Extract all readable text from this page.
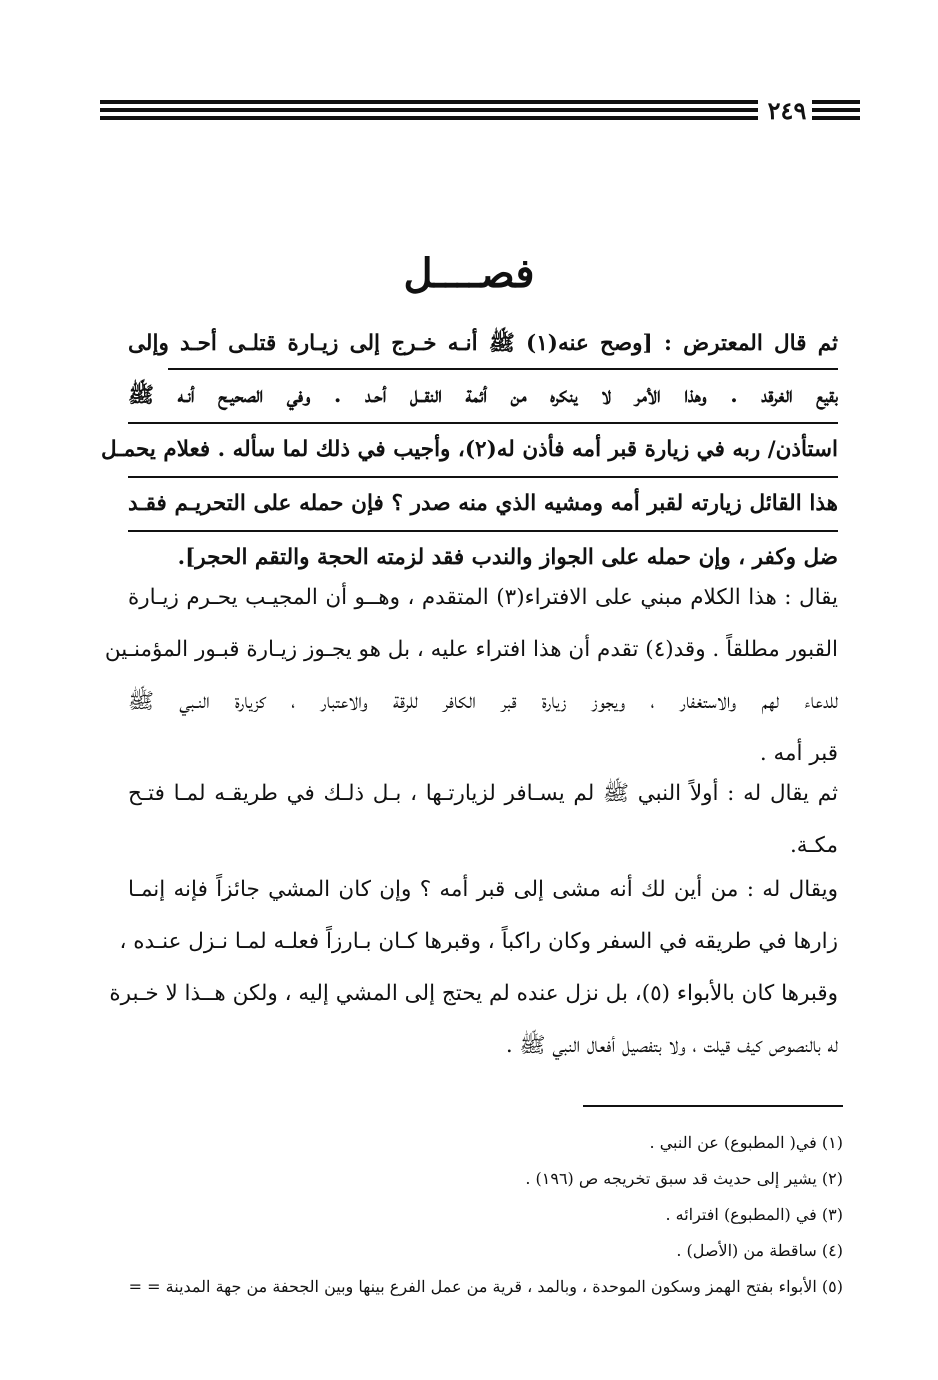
٢٤٩
فصــــل
ثم قال المعترض : [وصح عنه(١) ﷺ أنـه خـرج إلى زيـارة قتلـى أحـد وإلى
بقيع الغرقد . وهذا الأمر لا ينكره من أئمة النقــل أحـد . وفي الصحيـح أنـه ﷺ
استأذن/ ربه في زيارة قبر أمه فأذن له(٢)، وأجيب في ذلك لما سأله . فعلام يحمـل
هذا القائل زيارته لقبر أمه ومشيه الذي منه صدر ؟ فإن حمله على التحريـم فقـد
ضل وكفر ، وإن حمله على الجواز والندب فقد لزمته الحجة والتقم الحجر].
يقال : هذا الكلام مبني على الافتراء(٣) المتقدم ، وهــو أن المجيـب يحـرم زيـارة
القبور مطلقاً . وقد(٤) تقدم أن هذا افتراء عليه ، بل هو يجـوز زيـارة قبـور المؤمنـين
للدعاء لهم والاستغفار ، ويجوز زيارة قبر الكافر للرقة والاعتبار ، كزيارة النـبي ﷺ
قبر أمه .
ثم يقال له : أولاً النبي ﷺ لم يسـافر لزيارتـها ، بـل ذلـك في طريقـه لمـا فتـح
مكـة.
ويقال له : من أين لك أنه مشى إلى قبر أمه ؟ وإن كان المشي جائزاً فإنه إنمـا
زارها في طريقه في السفر وكان راكباً ، وقبرها كـان بـارزاً فعلـه لمـا نـزل عنـده ،
وقبرها كان بالأبواء (٥)، بل نزل عنده لم يحتج إلى المشي إليه ، ولكن هــذا لا خـبرة
له بالنصوص كيف قيلت ، ولا بتفصيل أفعال النبي ﷺ .
(١) في( المطبوع) عن النبي .
(٢) يشير إلى حديث قد سبق تخريجه ص (١٩٦) .
(٣) في (المطبوع) افترائه .
(٤) ساقطة من (الأصل) .
(٥) الأبواء بفتح الهمز وسكون الموحدة ، وبالمد ، قرية من عمل الفرع بينها وبين الجحفة من جهة المدينة = =
